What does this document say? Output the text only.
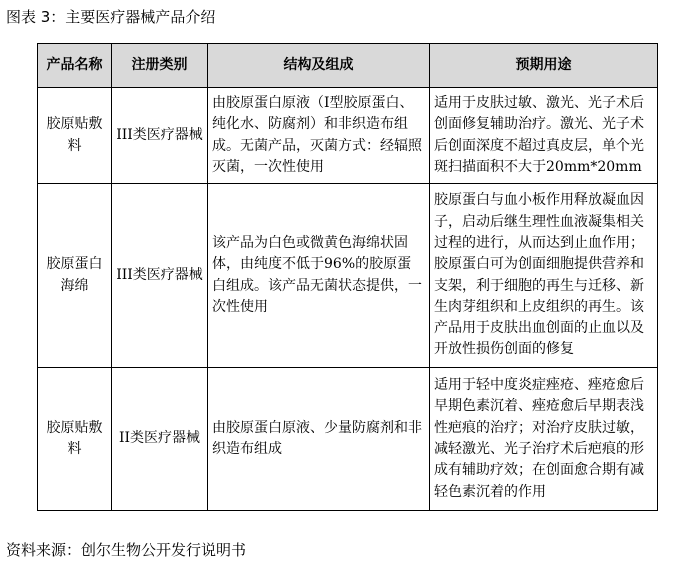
图表 3：主要医疗器械产品介绍
产品名称	注册类别	结构及组成	预期用途
胶原贴敷料	III类医疗器械	由胶原蛋白原液（I型胶原蛋白、纯化水、防腐剂）和非织造布组成。无菌产品，灭菌方式：经辐照灭菌，一次性使用	适用于皮肤过敏、激光、光子术后创面修复辅助治疗。激光、光子术后创面深度不超过真皮层，单个光斑扫描面积不大于20mm*20mm
胶原蛋白海绵	III类医疗器械	该产品为白色或微黄色海绵状固体，由纯度不低于96%的胶原蛋白组成。该产品无菌状态提供，一次性使用	胶原蛋白与血小板作用释放凝血因子，启动后继生理性血液凝集相关过程的进行，从而达到止血作用；胶原蛋白可为创面细胞提供营养和支架，利于细胞的再生与迁移、新生肉芽组织和上皮组织的再生。该产品用于皮肤出血创面的止血以及开放性损伤创面的修复
胶原贴敷料	II类医疗器械	由胶原蛋白原液、少量防腐剂和非织造布组成	适用于轻中度炎症痤疮、痤疮愈后早期色素沉着、痤疮愈后早期表浅性疤痕的治疗；对治疗皮肤过敏，减轻激光、光子治疗术后疤痕的形成有辅助疗效；在创面愈合期有减轻色素沉着的作用
资料来源：创尔生物公开发行说明书
